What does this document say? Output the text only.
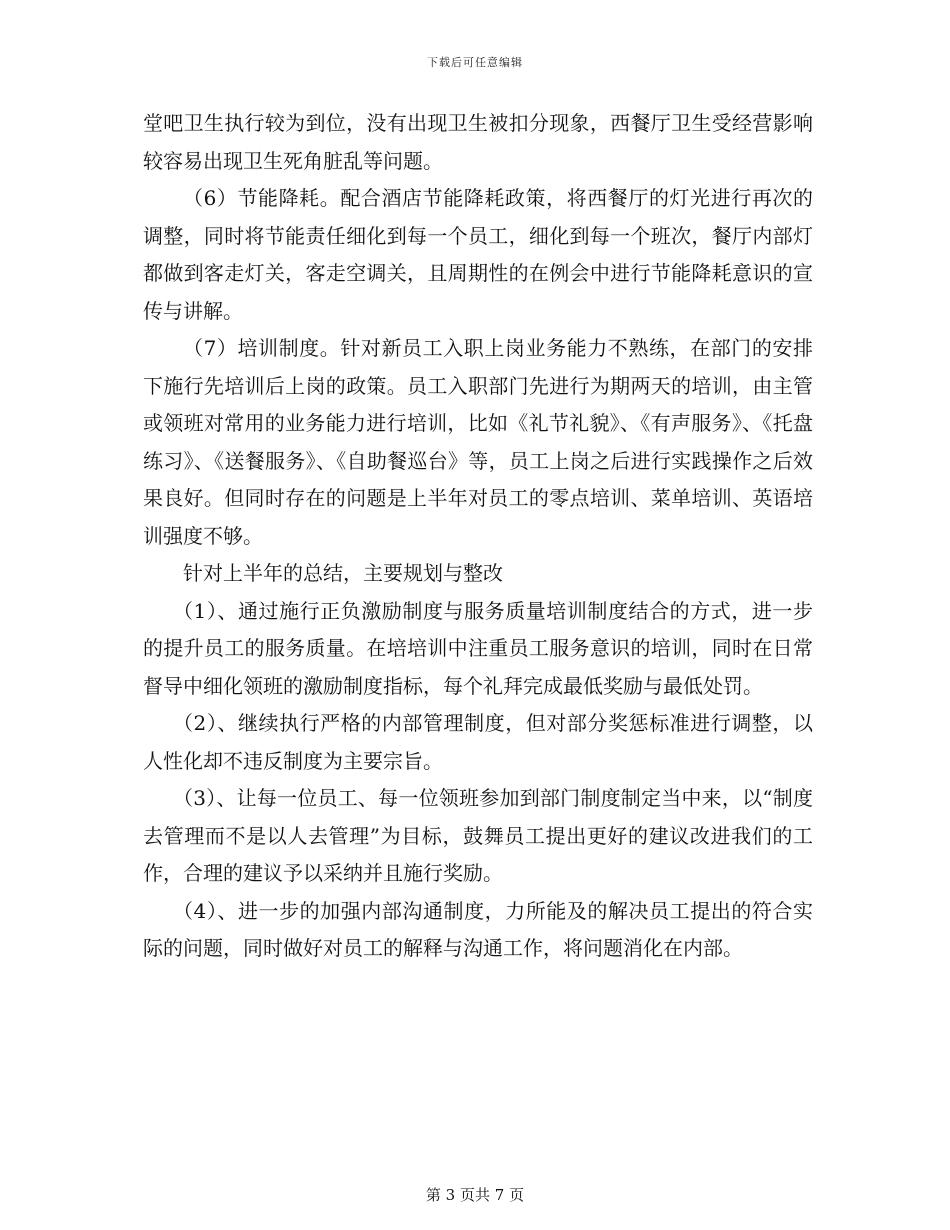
下载后可任意编辑

堂吧卫生执行较为到位，没有出现卫生被扣分现象，西餐厅卫生受经营影响较容易出现卫生死角脏乱等问题。

（6）节能降耗。配合酒店节能降耗政策，将西餐厅的灯光进行再次的调整，同时将节能责任细化到每一个员工，细化到每一个班次，餐厅内部灯都做到客走灯关，客走空调关，且周期性的在例会中进行节能降耗意识的宣传与讲解。

（7）培训制度。针对新员工入职上岗业务能力不熟练，在部门的安排下施行先培训后上岗的政策。员工入职部门先进行为期两天的培训，由主管或领班对常用的业务能力进行培训，比如《礼节礼貌》、《有声服务》、《托盘练习》、《送餐服务》、《自助餐巡台》等，员工上岗之后进行实践操作之后效果良好。但同时存在的问题是上半年对员工的零点培训、菜单培训、英语培训强度不够。

针对上半年的总结，主要规划与整改

（1）、通过施行正负激励制度与服务质量培训制度结合的方式，进一步的提升员工的服务质量。在培培训中注重员工服务意识的培训，同时在日常督导中细化领班的激励制度指标，每个礼拜完成最低奖励与最低处罚。

（2）、继续执行严格的内部管理制度，但对部分奖惩标准进行调整，以人性化却不违反制度为主要宗旨。

（3）、让每一位员工、每一位领班参加到部门制度制定当中来，以“制度去管理而不是以人去管理”为目标，鼓舞员工提出更好的建议改进我们的工作，合理的建议予以采纳并且施行奖励。

（4）、进一步的加强内部沟通制度，力所能及的解决员工提出的符合实际的问题，同时做好对员工的解释与沟通工作，将问题消化在内部。

第 3 页共 7 页
